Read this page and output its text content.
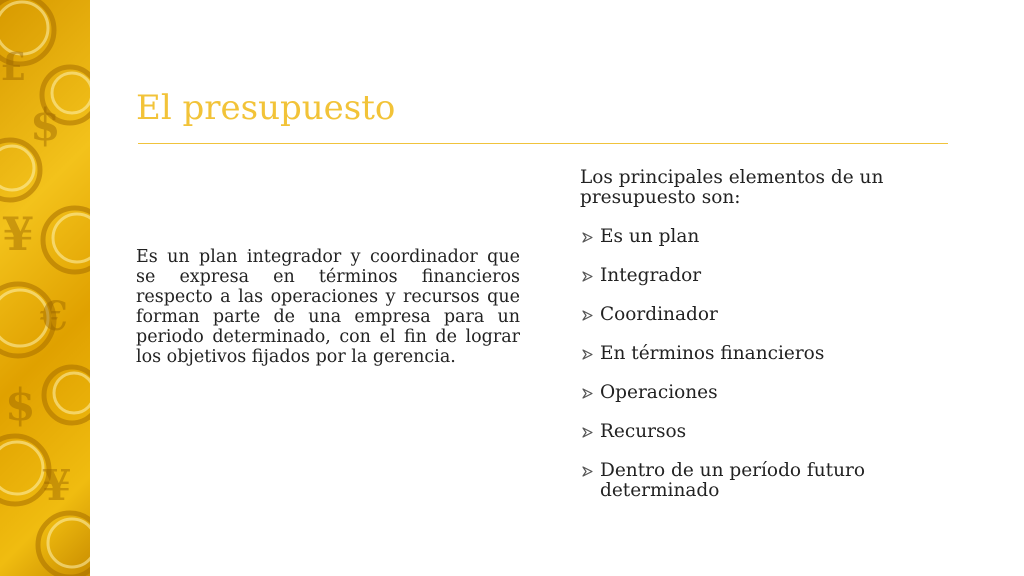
$
¥
€
$
¥
£
El presupuesto

Es un plan integrador y coordinador que se expresa en términos financieros respecto a las operaciones y recursos que forman parte de una empresa para un periodo determinado, con el fin de lograr los objetivos fijados por la gerencia.

Los principales elementos de un presupuesto son:

Es un plan
Integrador
Coordinador
En términos financieros
Operaciones
Recursos
Dentro de un período futuro determinado
